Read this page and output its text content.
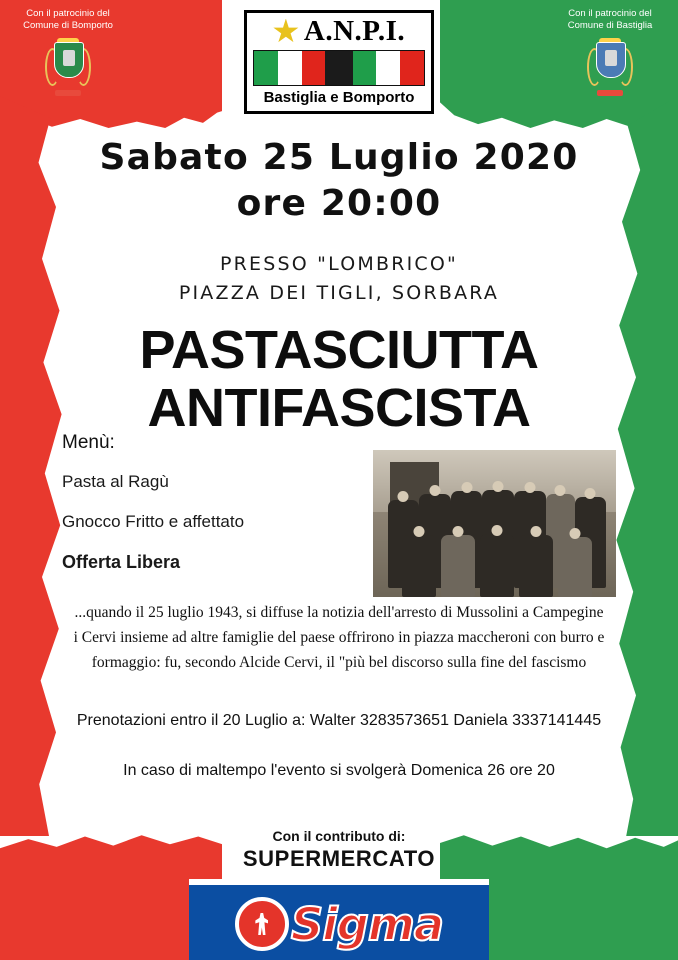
Con il patrocinio del
Comune di Bomporto
Con il patrocinio del
Comune di Bastiglia
A.N.P.I.
Bastiglia e Bomporto
Sabato 25 Luglio 2020
ore 20:00
PRESSO "LOMBRICO"
PIAZZA DEI TIGLI, SORBARA
PASTASCIUTTA
ANTIFASCISTA
Menù:
Pasta al Ragù
Gnocco Fritto e affettato
Offerta Libera
...quando il 25 luglio 1943, si diffuse la notizia dell'arresto di Mussolini a Campegine i Cervi insieme ad altre famiglie del paese offrirono in piazza maccheroni con burro e formaggio: fu, secondo Alcide Cervi, il "più bel discorso sulla fine del fascismo
Prenotazioni entro il 20 Luglio a: Walter 3283573651 Daniela 3337141445
In caso di maltempo l'evento si svolgerà Domenica 26 ore 20
Con il contributo di:
SUPERMERCATO
Sigma
